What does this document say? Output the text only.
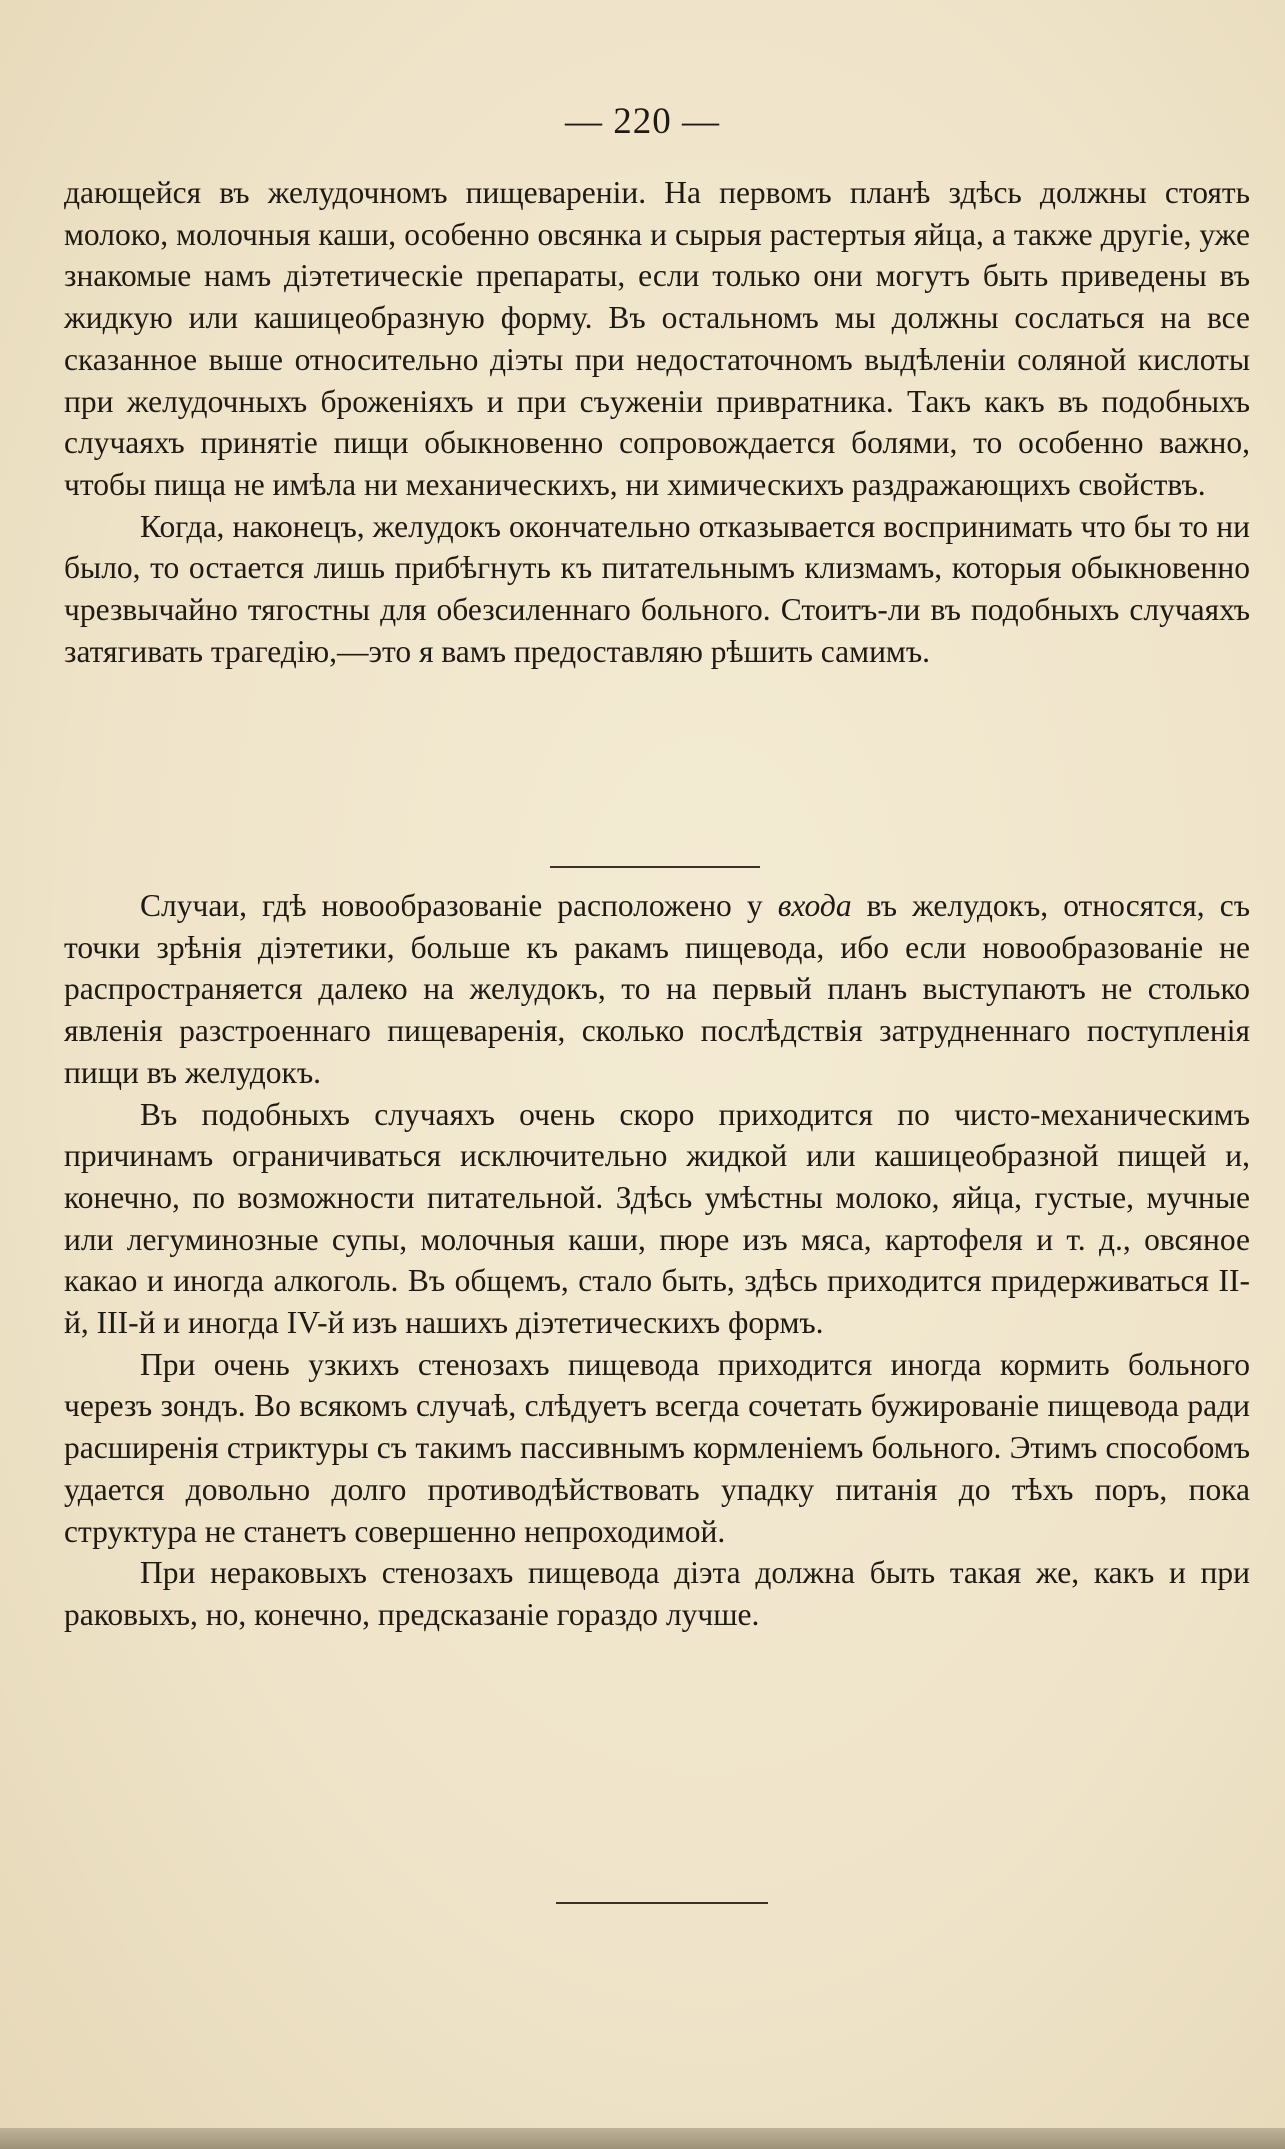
— 220 —

дающейся въ желудочномъ пищевареніи. На первомъ планѣ здѣсь должны стоять молоко, молочныя каши, особенно овсянка и сырыя растертыя яйца, а также другіе, уже знакомые намъ діэтетическіе препараты, если только они могутъ быть приведены въ жидкую или кашицеобразную форму. Въ остальномъ мы должны сослаться на все сказанное выше относительно діэты при недостаточномъ выдѣленіи соляной кислоты при желудочныхъ броженіяхъ и при съуженіи привратника. Такъ какъ въ подобныхъ случаяхъ принятіе пищи обыкновенно сопровождается болями, то особенно важно, чтобы пища не имѣла ни механическихъ, ни химическихъ раздражающихъ свойствъ.

Когда, наконецъ, желудокъ окончательно отказывается воспринимать что бы то ни было, то остается лишь прибѣгнуть къ питательнымъ клизмамъ, которыя обыкновенно чрезвычайно тягостны для обезсиленнаго больного. Стоитъ-ли въ подобныхъ случаяхъ затягивать трагедію,—это я вамъ предоставляю рѣшить самимъ.

Случаи, гдѣ новообразованіе расположено у входа въ желудокъ, относятся, съ точки зрѣнія діэтетики, больше къ ракамъ пищевода, ибо если новообразованіе не распространяется далеко на желудокъ, то на первый планъ выступаютъ не столько явленія разстроеннаго пищеваренія, сколько послѣдствія затрудненнаго поступленія пищи въ желудокъ.

Въ подобныхъ случаяхъ очень скоро приходится по чисто-механическимъ причинамъ ограничиваться исключительно жидкой или кашицеобразной пищей и, конечно, по возможности питательной. Здѣсь умѣстны молоко, яйца, густые, мучные или легуминозные супы, молочныя каши, пюре изъ мяса, картофеля и т. д., овсяное какао и иногда алкоголь. Въ общемъ, стало быть, здѣсь приходится придерживаться II-й, III-й и иногда IV-й изъ нашихъ діэтетическихъ формъ.

При очень узкихъ стенозахъ пищевода приходится иногда кормить больного черезъ зондъ. Во всякомъ случаѣ, слѣдуетъ всегда сочетать бужированіе пищевода ради расширенія стриктуры съ такимъ пассивнымъ кормленіемъ больного. Этимъ способомъ удается довольно долго противодѣйствовать упадку питанія до тѣхъ поръ, пока структура не станетъ совершенно непроходимой.

При нераковыхъ стенозахъ пищевода діэта должна быть такая же, какъ и при раковыхъ, но, конечно, предсказаніе гораздо лучше.
